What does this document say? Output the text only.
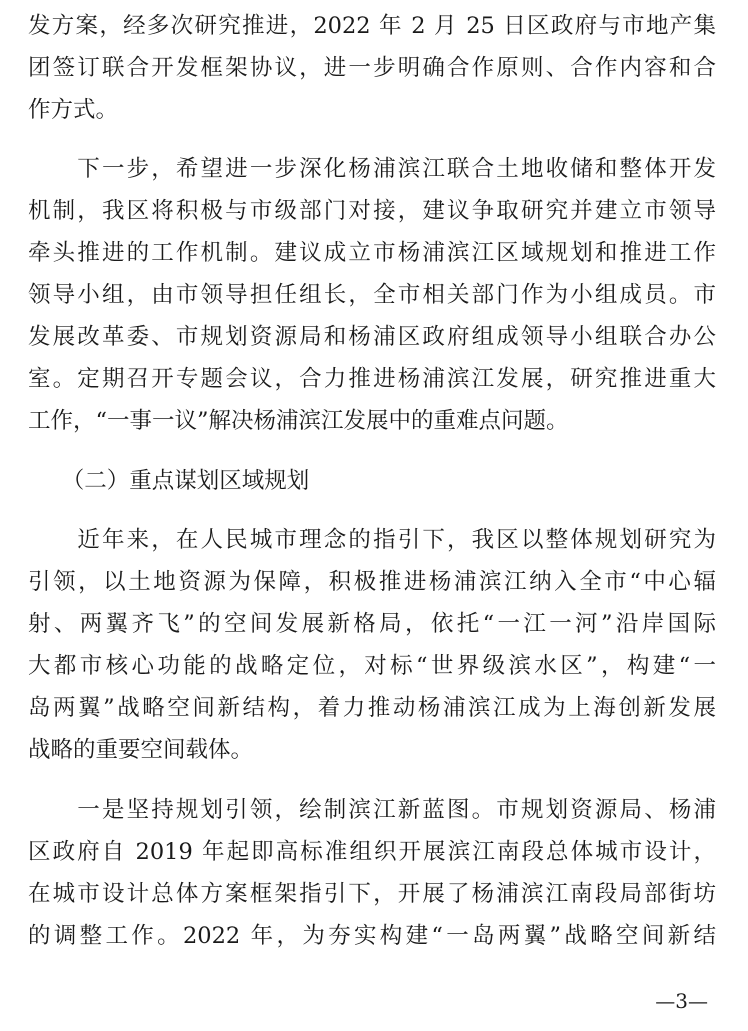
发方案，经多次研究推进，2022 年 2 月 25 日区政府与市地产集
团签订联合开发框架协议，进一步明确合作原则、合作内容和合
作方式。
　　下一步，希望进一步深化杨浦滨江联合土地收储和整体开发
机制，我区将积极与市级部门对接，建议争取研究并建立市领导
牵头推进的工作机制。建议成立市杨浦滨江区域规划和推进工作
领导小组，由市领导担任组长，全市相关部门作为小组成员。市
发展改革委、市规划资源局和杨浦区政府组成领导小组联合办公
室。定期召开专题会议，合力推进杨浦滨江发展，研究推进重大
工作，“一事一议”解决杨浦滨江发展中的重难点问题。
　　（二）重点谋划区域规划
　　近年来，在人民城市理念的指引下，我区以整体规划研究为
引领，以土地资源为保障，积极推进杨浦滨江纳入全市“中心辐
射、两翼齐飞”的空间发展新格局，依托“一江一河”沿岸国际
大都市核心功能的战略定位，对标“世界级滨水区”，构建“一
岛两翼”战略空间新结构，着力推动杨浦滨江成为上海创新发展
战略的重要空间载体。
　　一是坚持规划引领，绘制滨江新蓝图。市规划资源局、杨浦
区政府自 2019 年起即高标准组织开展滨江南段总体城市设计，
在城市设计总体方案框架指引下，开展了杨浦滨江南段局部街坊
的调整工作。2022 年，为夯实构建“一岛两翼”战略空间新结
—3—
